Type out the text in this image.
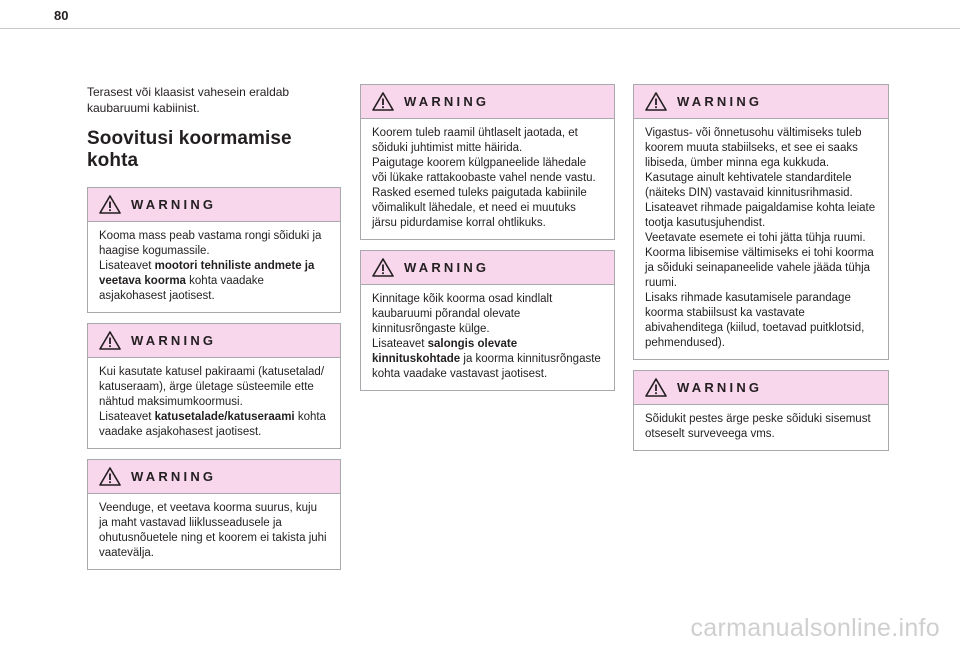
80

Terasest või klaasist vahesein eraldab kaubaruumi kabiinist.

Soovitusi koormamise kohta
WARNING

Kooma mass peab vastama rongi sõiduki ja haagise kogumassile.

Lisateavet mootori tehniliste andmete ja veetava koorma kohta vaadake asjakohasest jaotisest.

WARNING

Kui kasutate katusel pakiraami (katusetalad/ katuseraam), ärge ületage süsteemile ette nähtud maksimumkoormusi.

Lisateavet katusetalade/katuseraami kohta vaadake asjakohasest jaotisest.

WARNING

Veenduge, et veetava koorma suurus, kuju ja maht vastavad liiklusseadusele ja ohutusnõuetele ning et koorem ei takista juhi vaatevälja.

WARNING

Koorem tuleb raamil ühtlaselt jaotada, et sõiduki juhtimist mitte häirida.

Paigutage koorem külgpaneelide lähedale või lükake rattakoobaste vahel nende vastu.

Rasked esemed tuleks paigutada kabiinile võimalikult lähedale, et need ei muutuks järsu pidurdamise korral ohtlikuks.

WARNING

Kinnitage kõik koorma osad kindlalt kaubaruumi põrandal olevate kinnitusrõngaste külge.

Lisateavet salongis olevate kinnituskohtade ja koorma kinnitusrõngaste kohta vaadake vastavast jaotisest.

WARNING

Vigastus- või õnnetusohu vältimiseks tuleb koorem muuta stabiilseks, et see ei saaks libiseda, ümber minna ega kukkuda.

Kasutage ainult kehtivatele standarditele (näiteks DIN) vastavaid kinnitusrihmasid.

Lisateavet rihmade paigaldamise kohta leiate tootja kasutusjuhendist.

Veetavate esemete ei tohi jätta tühja ruumi.

Koorma libisemise vältimiseks ei tohi koorma ja sõiduki seinapaneelide vahele jääda tühja ruumi.

Lisaks rihmade kasutamisele parandage koorma stabiilsust ka vastavate abivahenditega (kiilud, toetavad puitklotsid, pehmendused).

WARNING

Sõidukit pestes ärge peske sõiduki sisemust otseselt surveveega vms.

carmanualsonline.info
